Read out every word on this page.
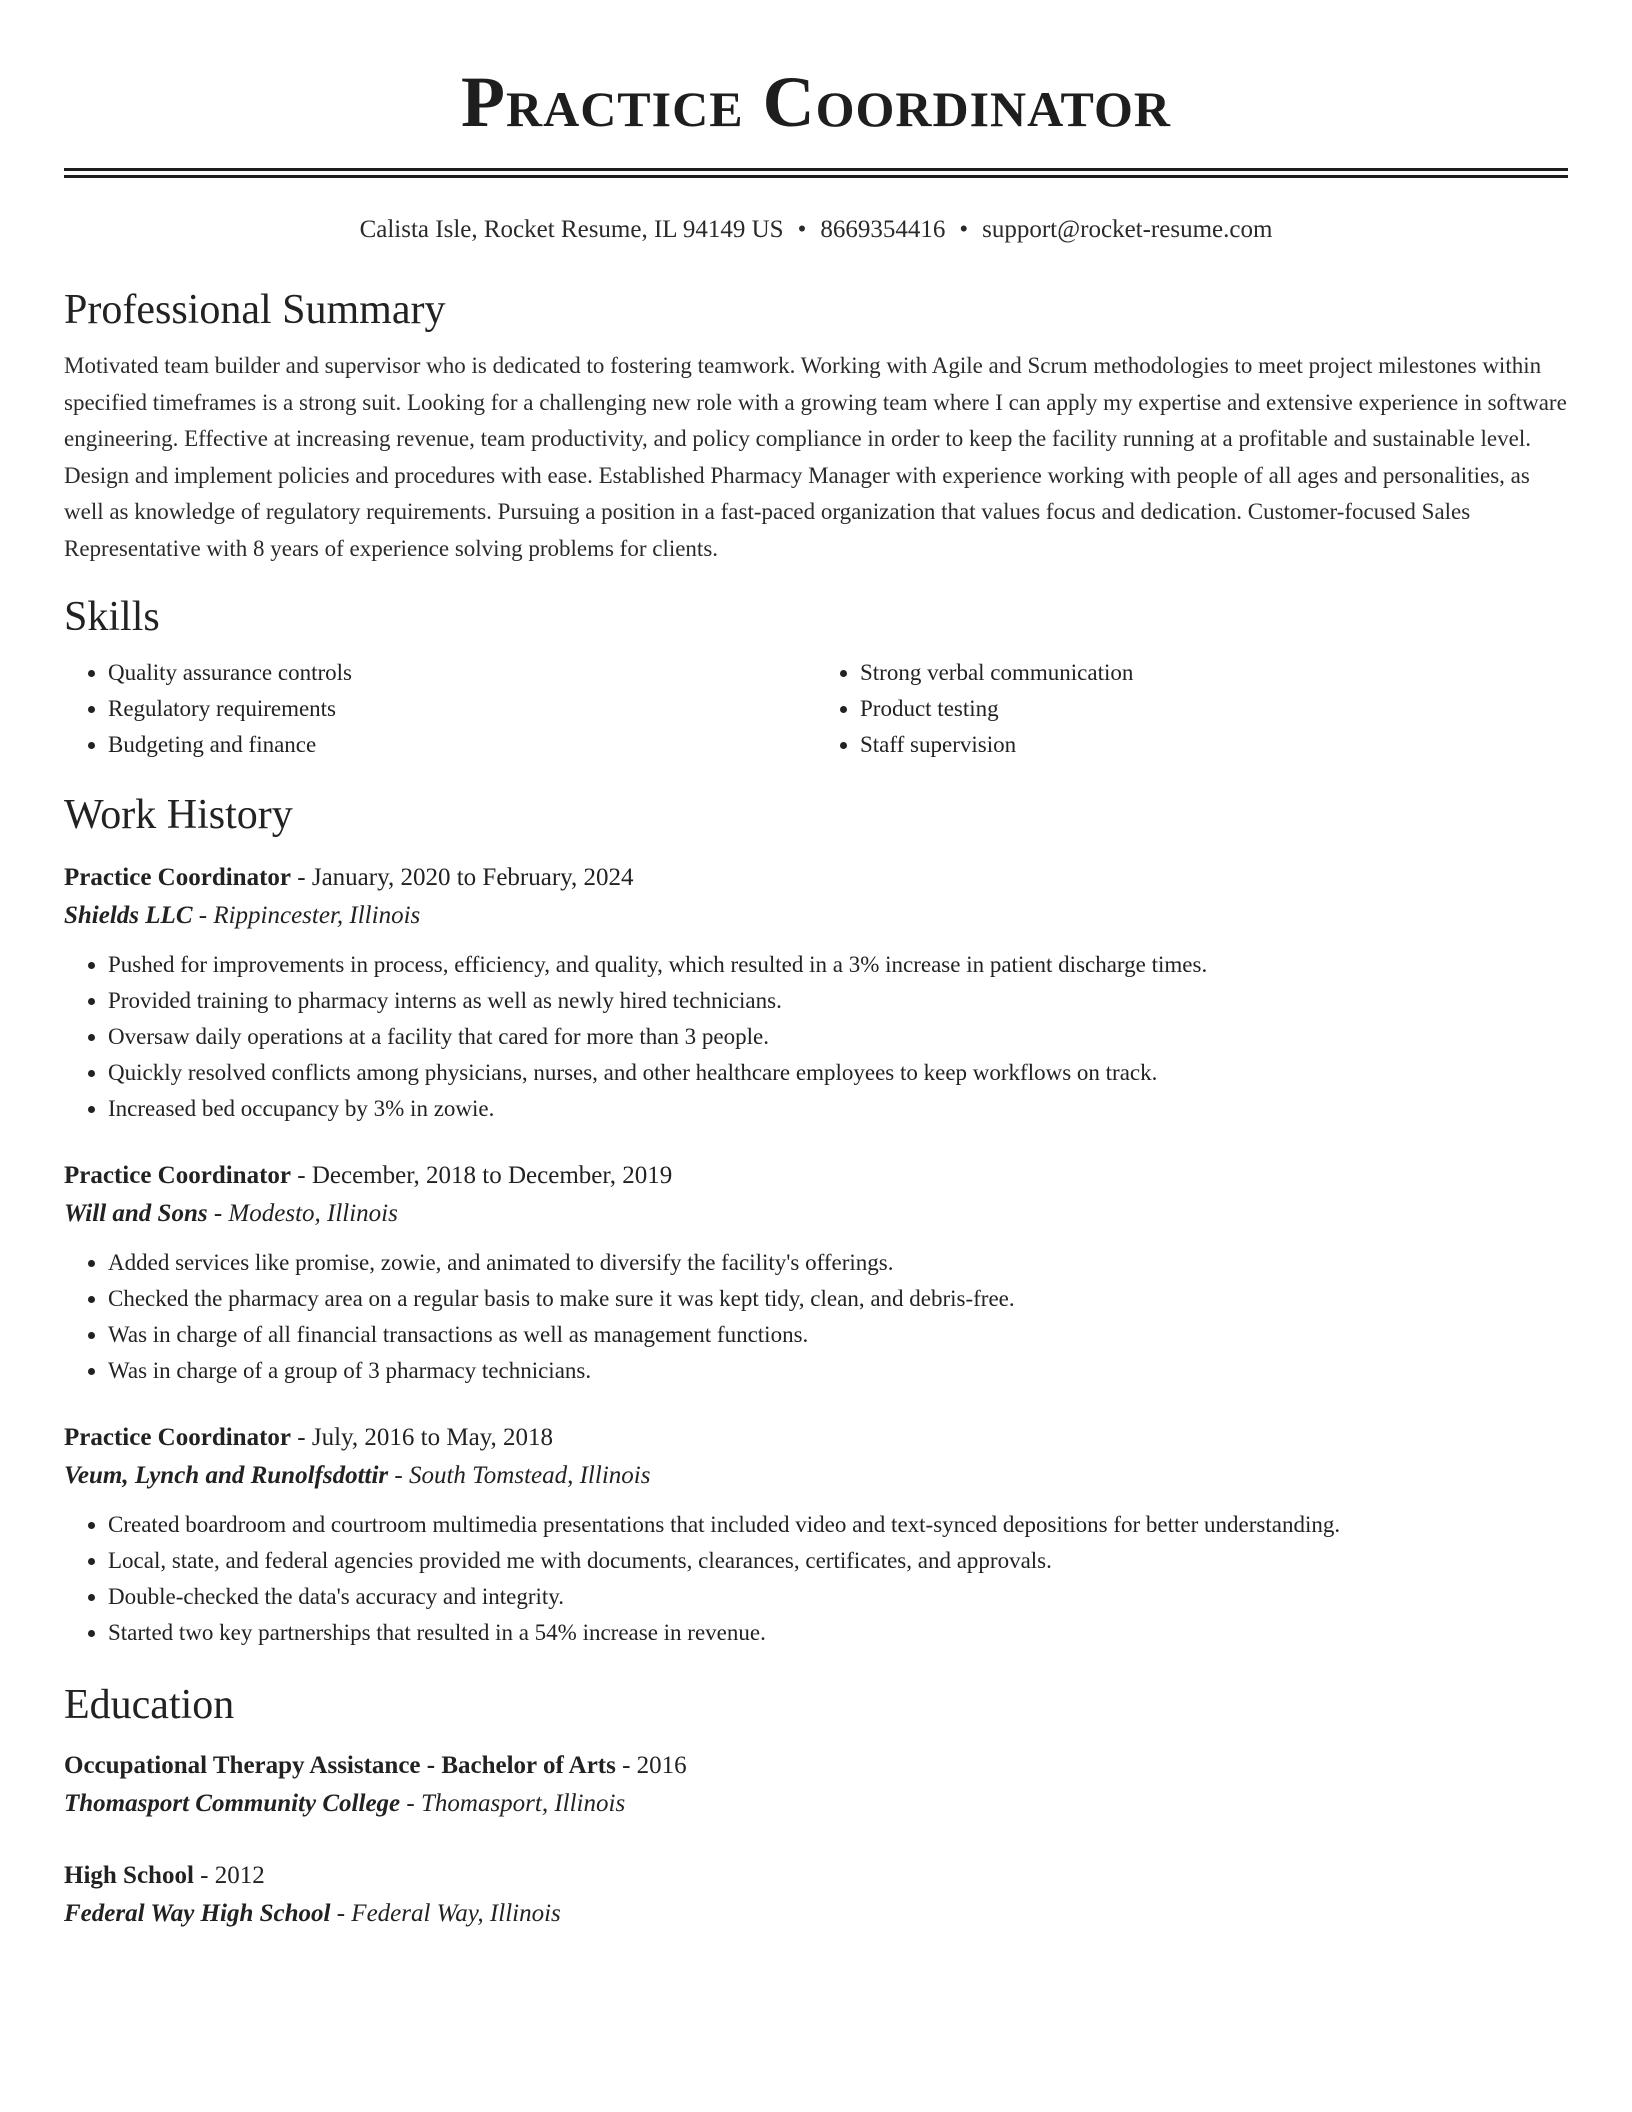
Practice Coordinator
Calista Isle, Rocket Resume, IL 94149 US • 8669354416 • support@rocket-resume.com
Professional Summary

Motivated team builder and supervisor who is dedicated to fostering teamwork. Working with Agile and Scrum methodologies to meet project milestones within specified timeframes is a strong suit. Looking for a challenging new role with a growing team where I can apply my expertise and extensive experience in software engineering. Effective at increasing revenue, team productivity, and policy compliance in order to keep the facility running at a profitable and sustainable level. Design and implement policies and procedures with ease. Established Pharmacy Manager with experience working with people of all ages and personalities, as well as knowledge of regulatory requirements. Pursuing a position in a fast-paced organization that values focus and dedication. Customer-focused Sales Representative with 8 years of experience solving problems for clients.

Skills
• Quality assurance controls
• Regulatory requirements
• Budgeting and finance
• Strong verbal communication
• Product testing
• Staff supervision
Work History

Practice Coordinator - January, 2020 to February, 2024

Shields LLC - Rippincester, Illinois

• Pushed for improvements in process, efficiency, and quality, which resulted in a 3% increase in patient discharge times.
• Provided training to pharmacy interns as well as newly hired technicians.
• Oversaw daily operations at a facility that cared for more than 3 people.
• Quickly resolved conflicts among physicians, nurses, and other healthcare employees to keep workflows on track.
• Increased bed occupancy by 3% in zowie.

Practice Coordinator - December, 2018 to December, 2019

Will and Sons - Modesto, Illinois

• Added services like promise, zowie, and animated to diversify the facility's offerings.
• Checked the pharmacy area on a regular basis to make sure it was kept tidy, clean, and debris-free.
• Was in charge of all financial transactions as well as management functions.
• Was in charge of a group of 3 pharmacy technicians.

Practice Coordinator - July, 2016 to May, 2018

Veum, Lynch and Runolfsdottir - South Tomstead, Illinois

• Created boardroom and courtroom multimedia presentations that included video and text-synced depositions for better understanding.
• Local, state, and federal agencies provided me with documents, clearances, certificates, and approvals.
• Double-checked the data's accuracy and integrity.
• Started two key partnerships that resulted in a 54% increase in revenue.
Education

Occupational Therapy Assistance - Bachelor of Arts - 2016

Thomasport Community College - Thomasport, Illinois

High School - 2012

Federal Way High School - Federal Way, Illinois
